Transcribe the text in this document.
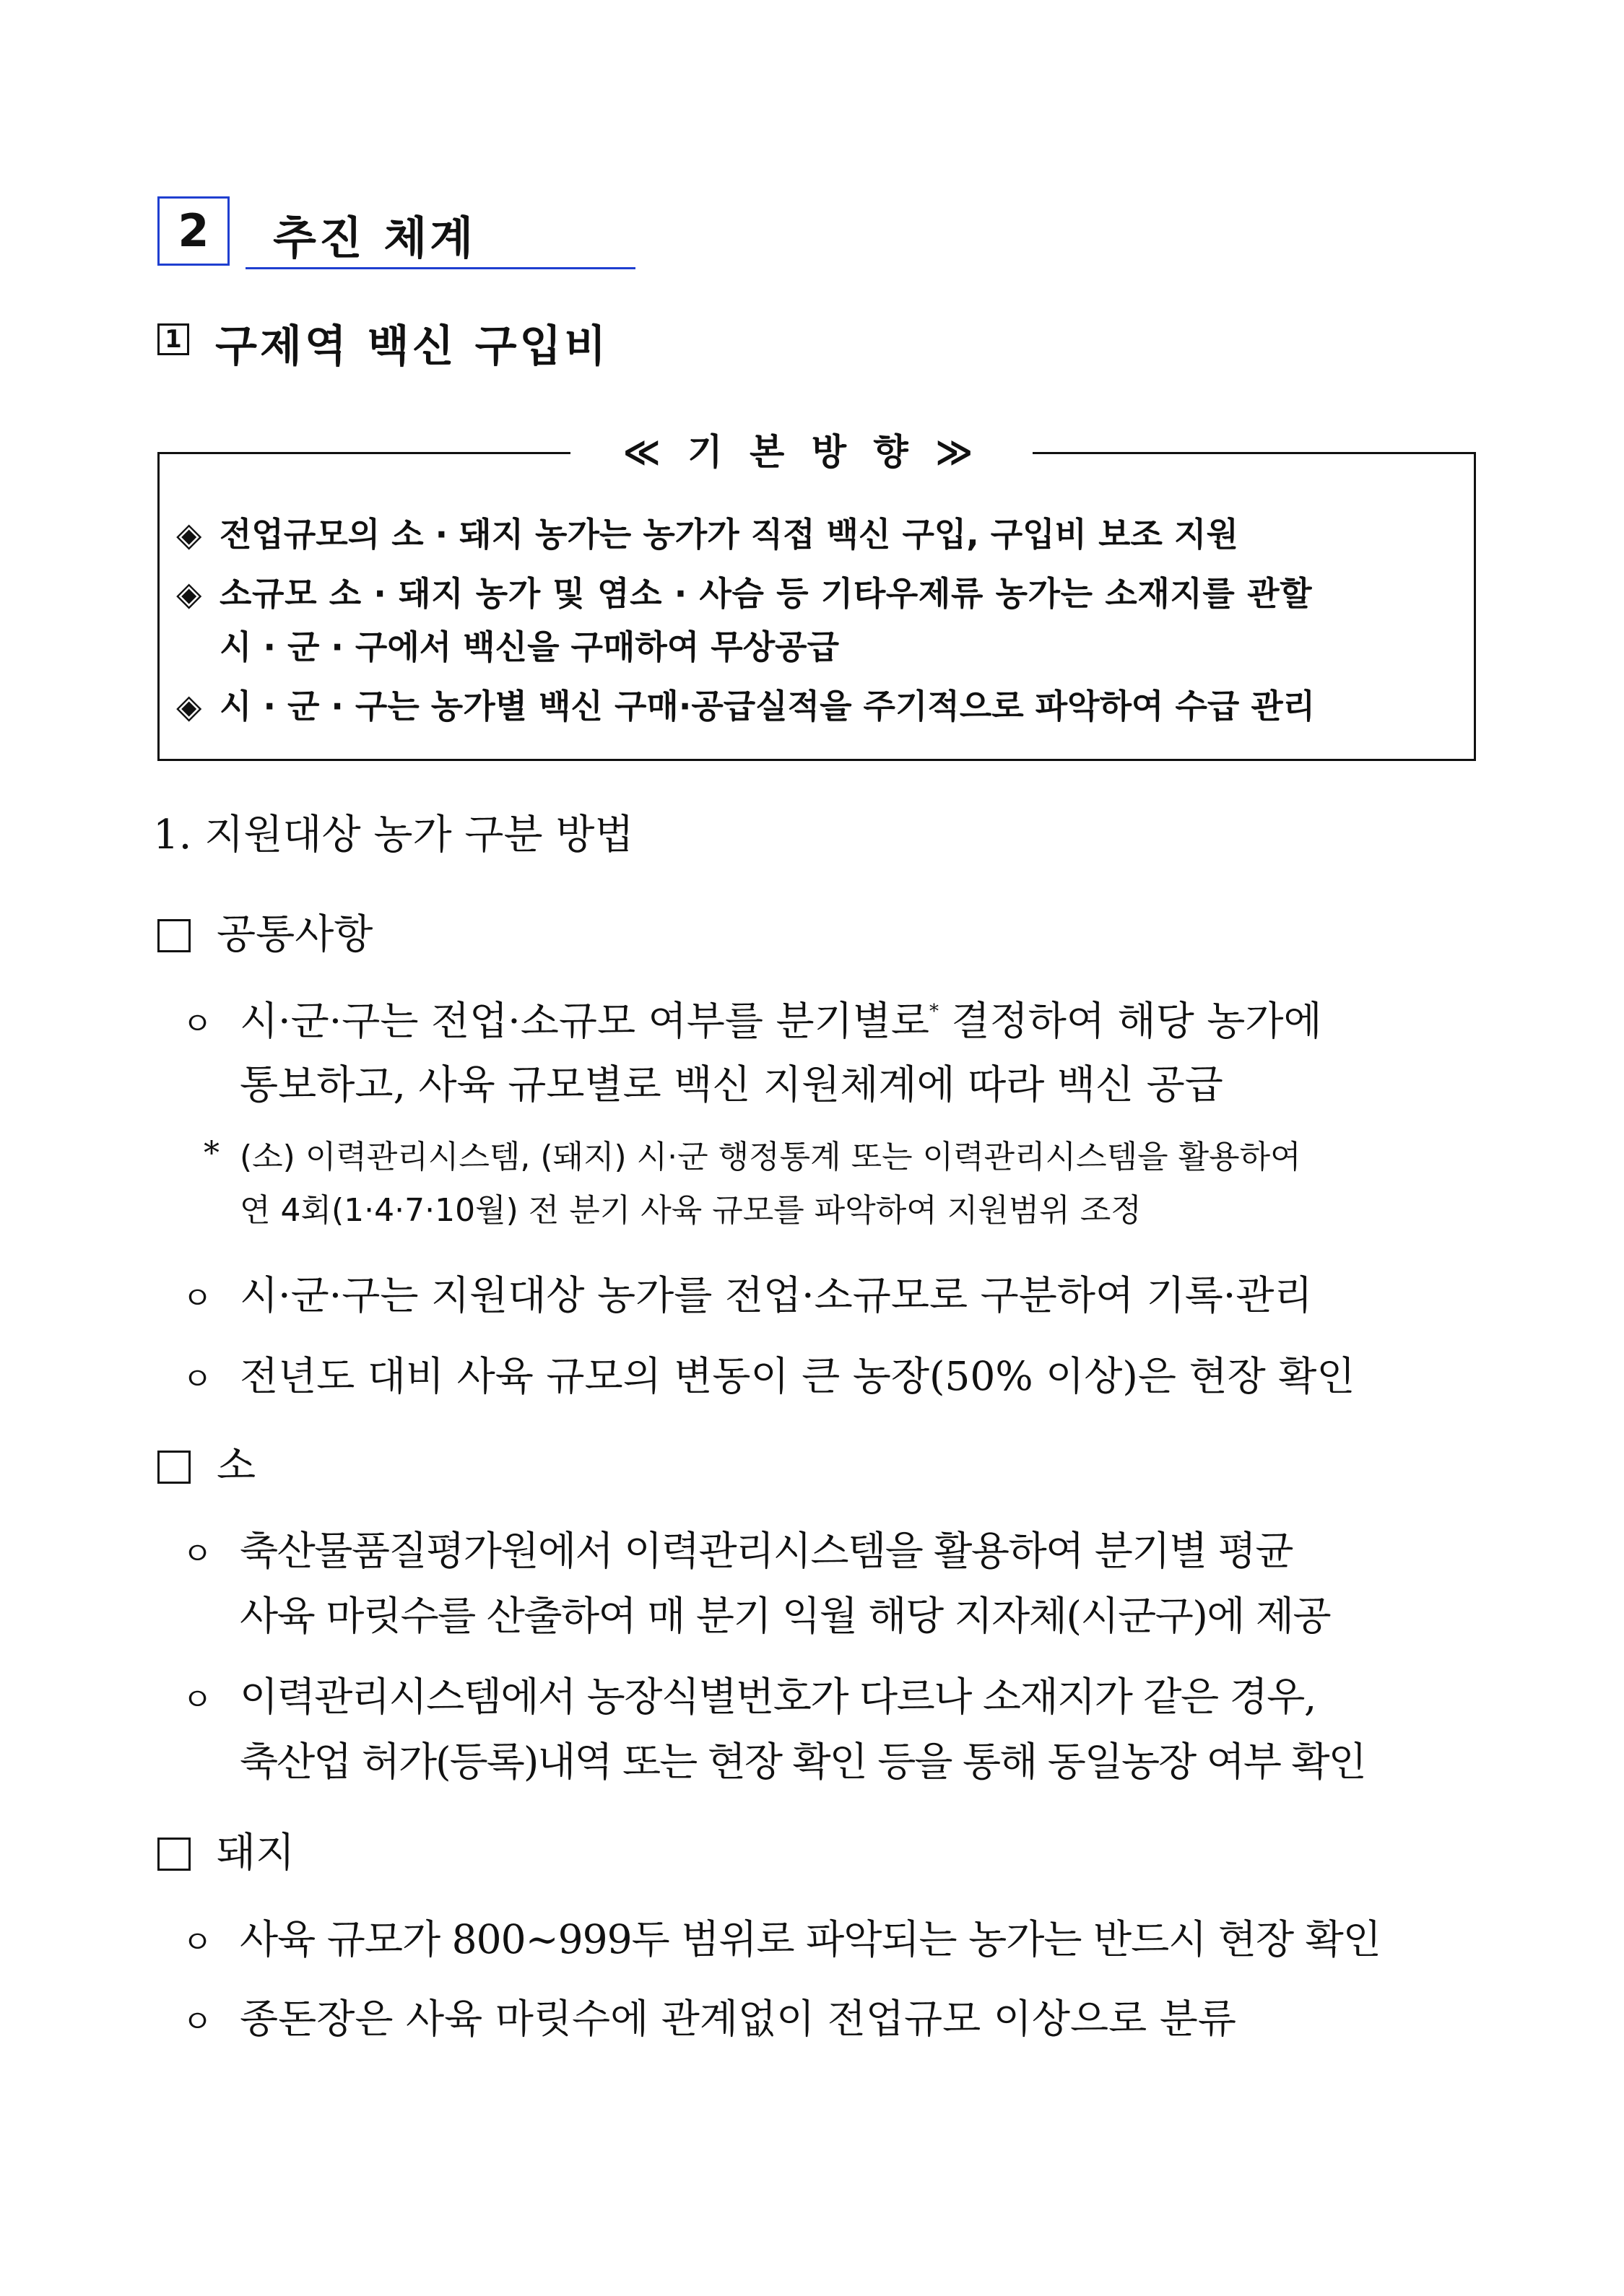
2	추진 체계
1 구제역 백신 구입비
≪ 기 본 방 향 ≫
◈ 전업규모의 소 · 돼지 농가는 농가가 직접 백신 구입, 구입비 보조 지원
◈ 소규모 소 · 돼지 농가 및 염소 · 사슴 등 기타우제류 농가는 소재지를 관할
시 · 군 · 구에서 백신을 구매하여 무상공급
◈ 시 · 군 · 구는 농가별 백신 구매·공급실적을 주기적으로 파악하여 수급 관리
1. 지원대상 농가 구분 방법
공통사항
ㅇ 시·군·구는 전업·소규모 여부를 분기별로* 결정하여 해당 농가에
통보하고, 사육 규모별로 백신 지원체계에 따라 백신 공급
* (소) 이력관리시스템, (돼지) 시·군 행정통계 또는 이력관리시스템을 활용하여
연 4회(1·4·7·10월) 전 분기 사육 규모를 파악하여 지원범위 조정
ㅇ 시·군·구는 지원대상 농가를 전업·소규모로 구분하여 기록·관리
ㅇ 전년도 대비 사육 규모의 변동이 큰 농장(50% 이상)은 현장 확인
소
ㅇ 축산물품질평가원에서 이력관리시스템을 활용하여 분기별 평균
사육 마릿수를 산출하여 매 분기 익월 해당 지자체(시군구)에 제공
ㅇ 이력관리시스템에서 농장식별번호가 다르나 소재지가 같은 경우,
축산업 허가(등록)내역 또는 현장 확인 등을 통해 동일농장 여부 확인
돼지
ㅇ 사육 규모가 800∼999두 범위로 파악되는 농가는 반드시 현장 확인
ㅇ 종돈장은 사육 마릿수에 관계없이 전업규모 이상으로 분류
